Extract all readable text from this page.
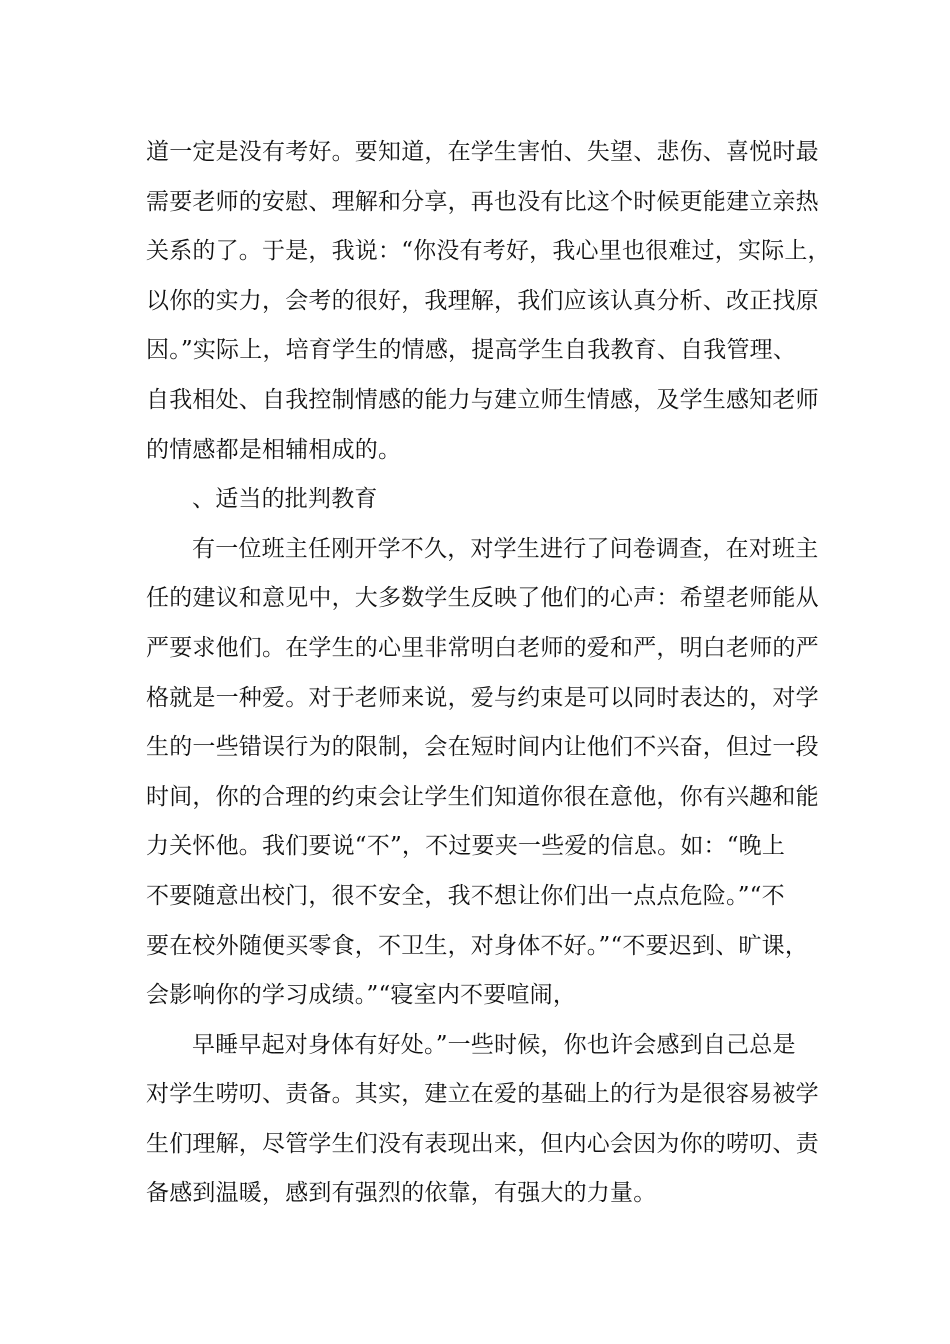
道一定是没有考好。要知道，在学生害怕、失望、悲伤、喜悦时最
需要老师的安慰、理解和分享，再也没有比这个时候更能建立亲热
关系的了。于是，我说：“你没有考好，我心里也很难过，实际上，
以你的实力，会考的很好，我理解，我们应该认真分析、改正找原
因。”实际上，培育学生的情感，提高学生自我教育、自我管理、
自我相处、自我控制情感的能力与建立师生情感，及学生感知老师
的情感都是相辅相成的。
、适当的批判教育
有一位班主任刚开学不久，对学生进行了问卷调查，在对班主
任的建议和意见中，大多数学生反映了他们的心声：希望老师能从
严要求他们。在学生的心里非常明白老师的爱和严，明白老师的严
格就是一种爱。对于老师来说，爱与约束是可以同时表达的，对学
生的一些错误行为的限制，会在短时间内让他们不兴奋，但过一段
时间，你的合理的约束会让学生们知道你很在意他，你有兴趣和能
力关怀他。我们要说“不”，不过要夹一些爱的信息。如：“晚上
不要随意出校门，很不安全，我不想让你们出一点点危险。”“不
要在校外随便买零食，不卫生，对身体不好。”“不要迟到、旷课，
会影响你的学习成绩。”“寝室内不要喧闹，
早睡早起对身体有好处。”一些时候，你也许会感到自己总是
对学生唠叨、责备。其实，建立在爱的基础上的行为是很容易被学
生们理解，尽管学生们没有表现出来，但内心会因为你的唠叨、责
备感到温暖，感到有强烈的依靠，有强大的力量。
